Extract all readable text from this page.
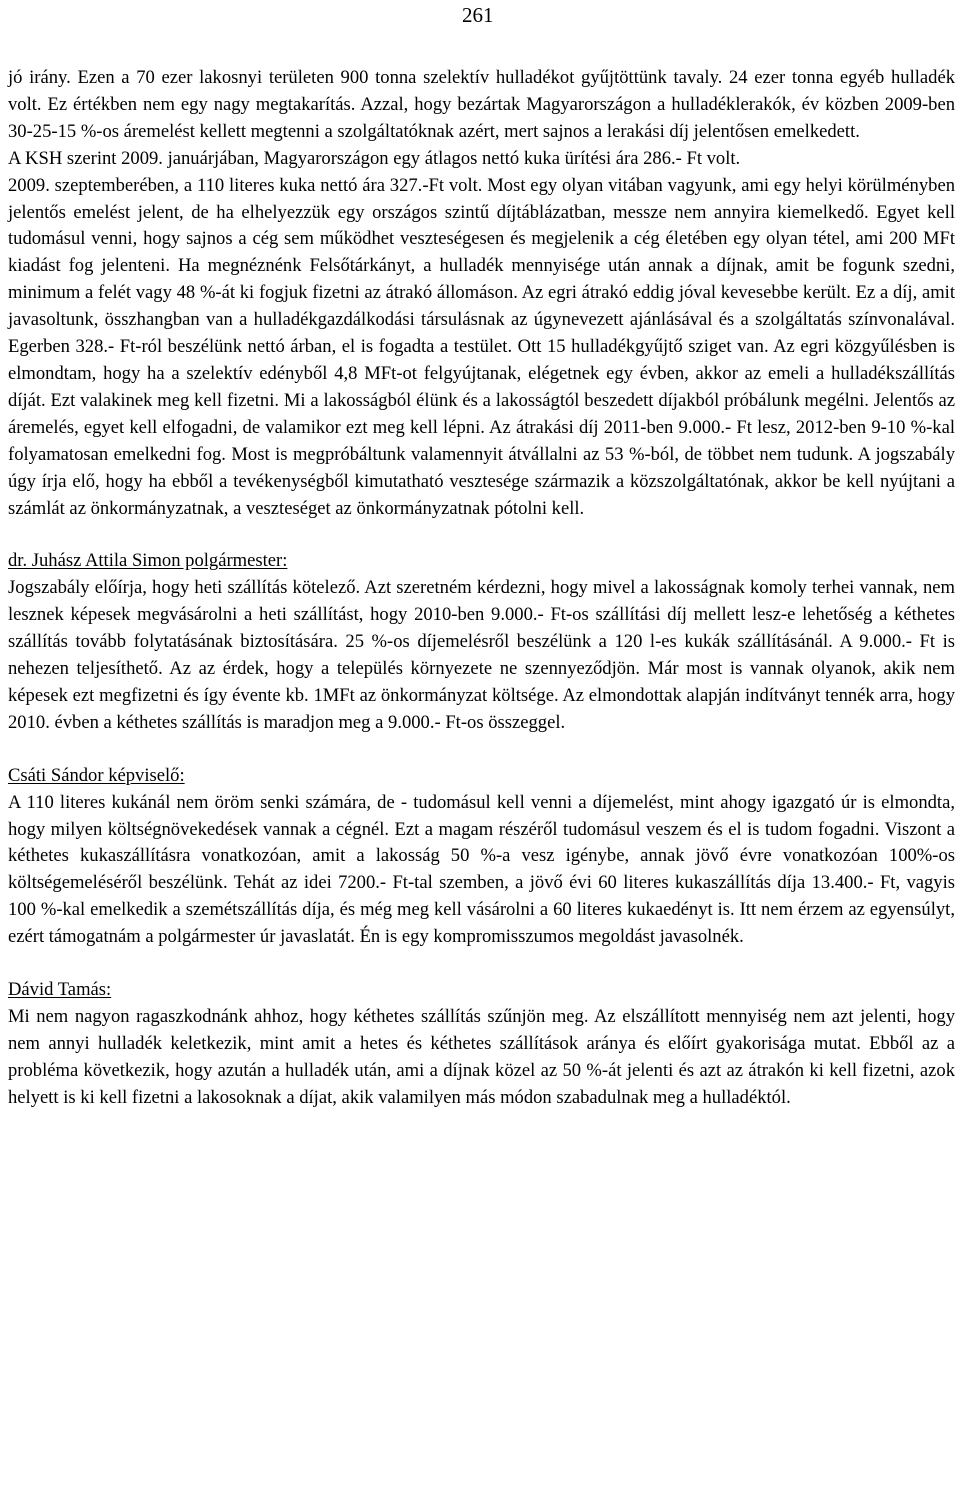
261

jó irány. Ezen a 70 ezer lakosnyi területen 900 tonna szelektív hulladékot gyűjtöttünk tavaly. 24 ezer tonna egyéb hulladék volt. Ez értékben nem egy nagy megtakarítás. Azzal, hogy bezártak Magyarországon a hulladéklerakók, év közben 2009-ben 30-25-15 %-os áremelést kellett megtenni a szolgáltatóknak azért, mert sajnos a lerakási díj jelentősen emelkedett.

A KSH szerint 2009. januárjában, Magyarországon egy átlagos nettó kuka ürítési ára 286.- Ft volt.

2009. szeptemberében, a 110 literes kuka nettó ára 327.-Ft volt. Most egy olyan vitában vagyunk, ami egy helyi körülményben jelentős emelést jelent, de ha elhelyezzük egy országos szintű díjtáblázatban, messze nem annyira kiemelkedő. Egyet kell tudomásul venni, hogy sajnos a cég sem működhet veszteségesen és megjelenik a cég életében egy olyan tétel, ami 200 MFt kiadást fog jelenteni. Ha megnéznénk Felsőtárkányt, a hulladék mennyisége után annak a díjnak, amit be fogunk szedni, minimum a felét vagy 48 %-át ki fogjuk fizetni az átrakó állomáson. Az egri átrakó eddig jóval kevesebbe került. Ez a díj, amit javasoltunk, összhangban van a hulladékgazdálkodási társulásnak az úgynevezett ajánlásával és a szolgáltatás színvonalával. Egerben 328.- Ft-ról beszélünk nettó árban, el is fogadta a testület. Ott 15 hulladékgyűjtő sziget van. Az egri közgyűlésben is elmondtam, hogy ha a szelektív edényből 4,8 MFt-ot felgyújtanak, elégetnek egy évben, akkor az emeli a hulladékszállítás díját. Ezt valakinek meg kell fizetni. Mi a lakosságból élünk és a lakosságtól beszedett díjakból próbálunk megélni. Jelentős az áremelés, egyet kell elfogadni, de valamikor ezt meg kell lépni. Az átrakási díj 2011-ben 9.000.- Ft lesz, 2012-ben 9-10 %-kal folyamatosan emelkedni fog. Most is megpróbáltunk valamennyit átvállalni az 53 %-ból, de többet nem tudunk. A jogszabály úgy írja elő, hogy ha ebből a tevékenységből kimutatható vesztesége származik a közszolgáltatónak, akkor be kell nyújtani a számlát az önkormányzatnak, a veszteséget az önkormányzatnak pótolni kell.

dr. Juhász Attila Simon polgármester:

Jogszabály előírja, hogy heti szállítás kötelező. Azt szeretném kérdezni, hogy mivel a lakosságnak komoly terhei vannak, nem lesznek képesek megvásárolni a heti szállítást, hogy 2010-ben 9.000.- Ft-os szállítási díj mellett lesz-e lehetőség a kéthetes szállítás tovább folytatásának biztosítására. 25 %-os díjemelésről beszélünk a 120 l-es kukák szállításánál. A 9.000.- Ft is nehezen teljesíthető. Az az érdek, hogy a település környezete ne szennyeződjön. Már most is vannak olyanok, akik nem képesek ezt megfizetni és így évente kb. 1MFt az önkormányzat költsége. Az elmondottak alapján indítványt tennék arra, hogy 2010. évben a kéthetes szállítás is maradjon meg a 9.000.- Ft-os összeggel.

Csáti Sándor képviselő:

A 110 literes kukánál nem öröm senki számára, de - tudomásul kell venni a díjemelést, mint ahogy igazgató úr is elmondta, hogy milyen költségnövekedések vannak a cégnél. Ezt a magam részéről tudomásul veszem és el is tudom fogadni. Viszont a kéthetes kukaszállításra vonatkozóan, amit a lakosság 50 %-a vesz igénybe, annak jövő évre vonatkozóan 100%-os költségemeléséről beszélünk. Tehát az idei 7200.- Ft-tal szemben, a jövő évi 60 literes kukaszállítás díja 13.400.- Ft, vagyis 100 %-kal emelkedik a szemétszállítás díja, és még meg kell vásárolni a 60 literes kukaedényt is. Itt nem érzem az egyensúlyt, ezért támogatnám a polgármester úr javaslatát. Én is egy kompromisszumos megoldást javasolnék.

Dávid Tamás:

Mi nem nagyon ragaszkodnánk ahhoz, hogy kéthetes szállítás szűnjön meg. Az elszállított mennyiség nem azt jelenti, hogy nem annyi hulladék keletkezik, mint amit a hetes és kéthetes szállítások aránya és előírt gyakorisága mutat. Ebből az a probléma következik, hogy azután a hulladék után, ami a díjnak közel az 50 %-át jelenti és azt az átrakón ki kell fizetni, azok helyett is ki kell fizetni a lakosoknak a díjat, akik valamilyen más módon szabadulnak meg a hulladéktól.
